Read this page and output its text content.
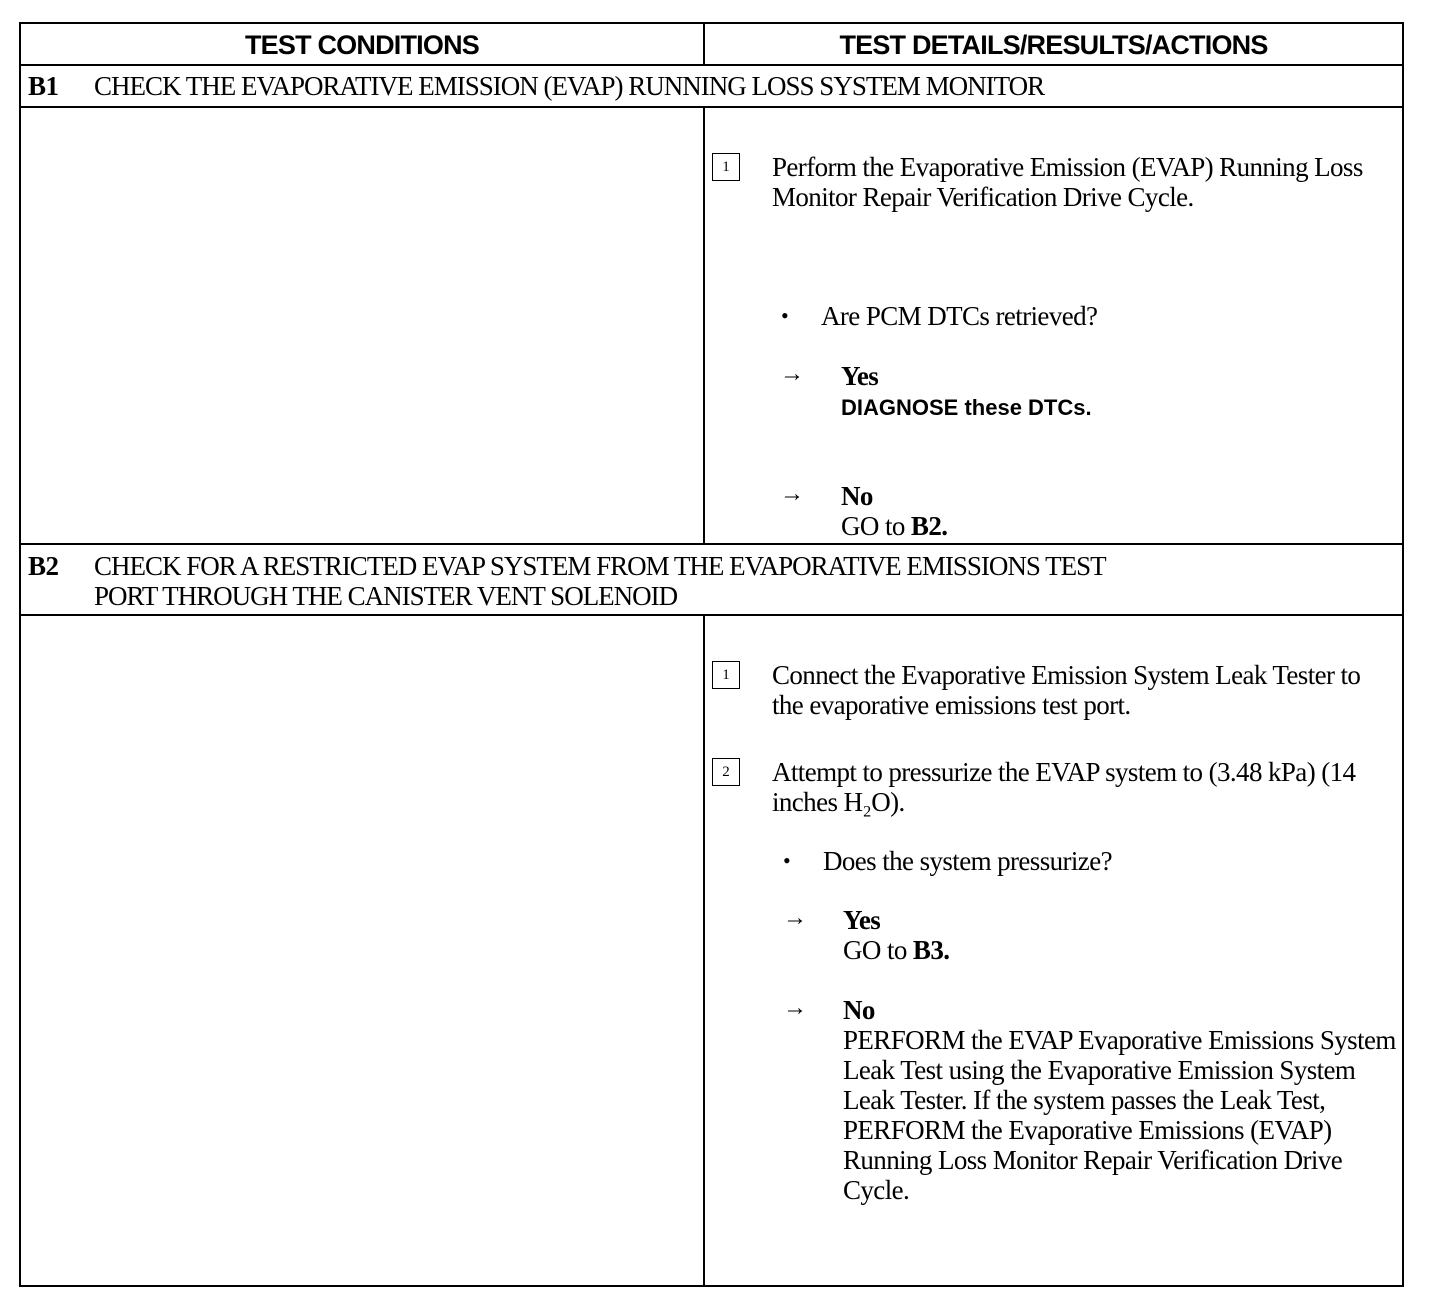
TEST CONDITIONS	TEST DETAILS/RESULTS/ACTIONS
B1 CHECK THE EVAPORATIVE EMISSION (EVAP) RUNNING LOSS SYSTEM MONITOR
1	Perform the Evaporative Emission (EVAP) Running Loss Monitor Repair Verification Drive Cycle.
• Are PCM DTCs retrieved?
→ Yes
DIAGNOSE these DTCs.
→ No
GO to B2.
B2 CHECK FOR A RESTRICTED EVAP SYSTEM FROM THE EVAPORATIVE EMISSIONS TEST
PORT THROUGH THE CANISTER VENT SOLENOID
1	Connect the Evaporative Emission System Leak Tester to the evaporative emissions test port.
2	Attempt to pressurize the EVAP system to (3.48 kPa) (14 inches H₂O).
• Does the system pressurize?
→ Yes
GO to B3.
→ No
PERFORM the EVAP Evaporative Emissions System Leak Test using the Evaporative Emission System Leak Tester. If the system passes the Leak Test, PERFORM the Evaporative Emissions (EVAP) Running Loss Monitor Repair Verification Drive Cycle.
